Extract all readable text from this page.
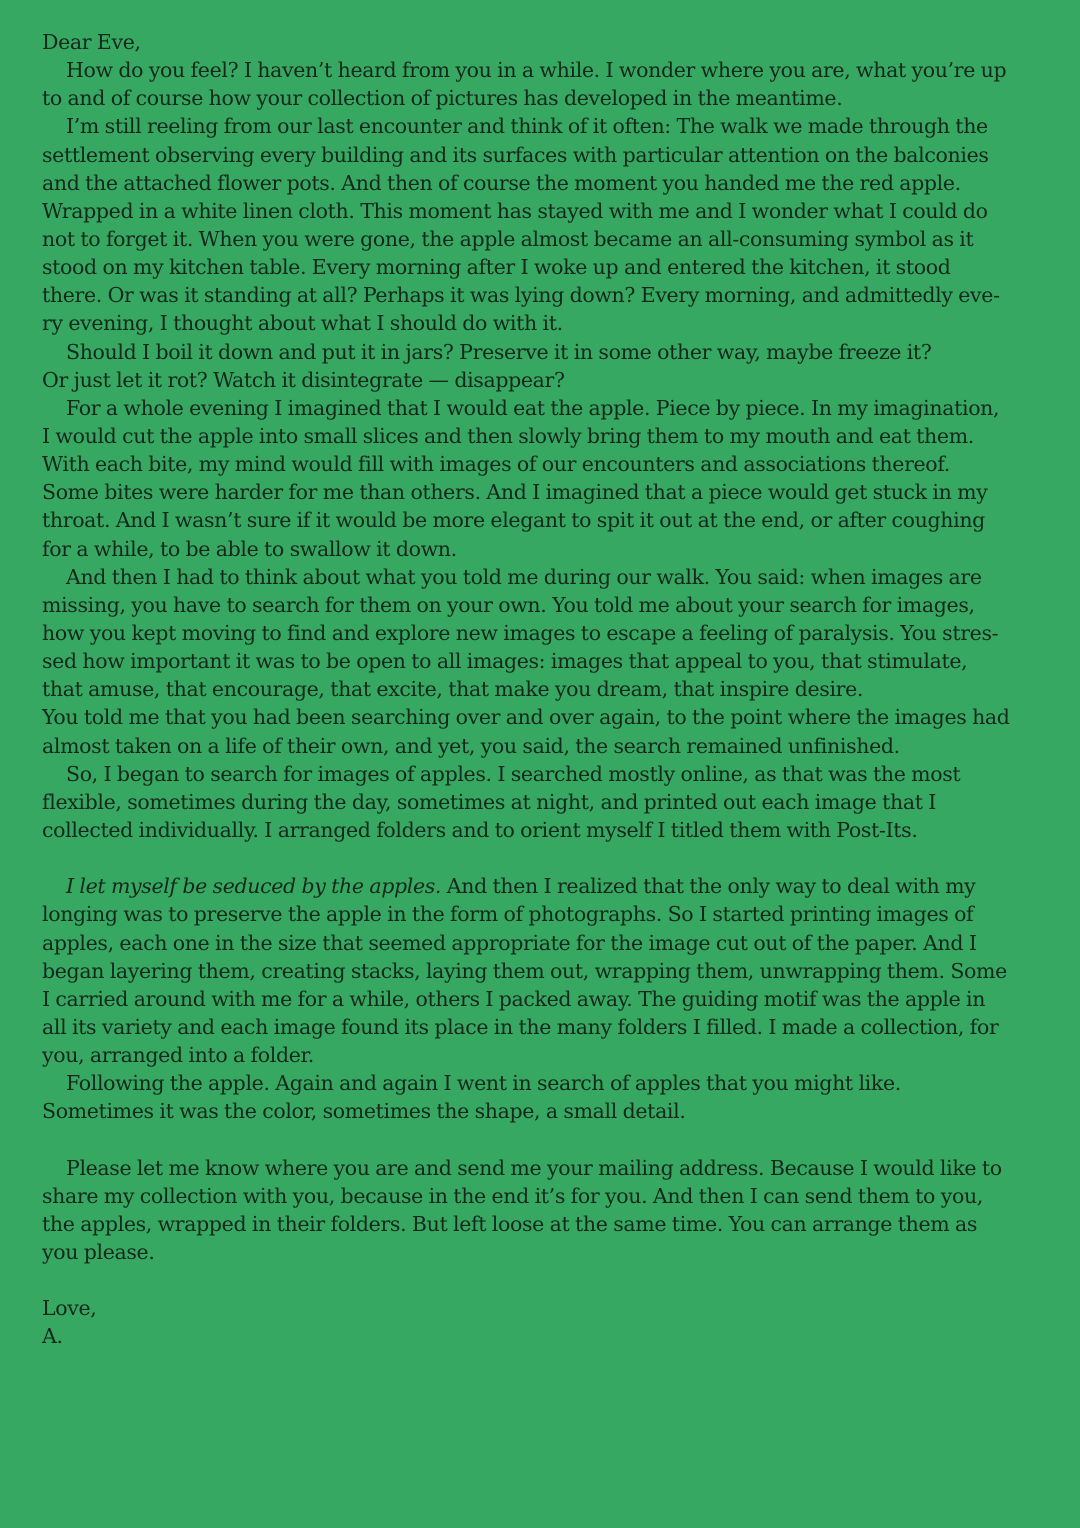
Dear Eve,
How do you feel? I haven’t heard from you in a while. I wonder where you are, what you’re up
to and of course how your collection of pictures has developed in the meantime.
I’m still reeling from our last encounter and think of it often: The walk we made through the
settlement observing every building and its surfaces with particular attention on the balconies
and the attached flower pots. And then of course the moment you handed me the red apple.
Wrapped in a white linen cloth. This moment has stayed with me and I wonder what I could do
not to forget it. When you were gone, the apple almost became an all-consuming symbol as it
stood on my kitchen table. Every morning after I woke up and entered the kitchen, it stood
there. Or was it standing at all? Perhaps it was lying down? Every morning, and admittedly eve-
ry evening, I thought about what I should do with it.
Should I boil it down and put it in jars? Preserve it in some other way, maybe freeze it?
Or just let it rot? Watch it disintegrate — disappear?
For a whole evening I imagined that I would eat the apple. Piece by piece. In my imagination,
I would cut the apple into small slices and then slowly bring them to my mouth and eat them.
With each bite, my mind would fill with images of our encounters and associations thereof.
Some bites were harder for me than others. And I imagined that a piece would get stuck in my
throat. And I wasn’t sure if it would be more elegant to spit it out at the end, or after coughing
for a while, to be able to swallow it down.
And then I had to think about what you told me during our walk. You said: when images are
missing, you have to search for them on your own. You told me about your search for images,
how you kept moving to find and explore new images to escape a feeling of paralysis. You stres-
sed how important it was to be open to all images: images that appeal to you, that stimulate,
that amuse, that encourage, that excite, that make you dream, that inspire desire.
You told me that you had been searching over and over again, to the point where the images had
almost taken on a life of their own, and yet, you said, the search remained unfinished.
So, I began to search for images of apples. I searched mostly online, as that was the most
flexible, sometimes during the day, sometimes at night, and printed out each image that I
collected individually. I arranged folders and to orient myself I titled them with Post-Its.
I let myself be seduced by the apples. And then I realized that the only way to deal with my
longing was to preserve the apple in the form of photographs. So I started printing images of
apples, each one in the size that seemed appropriate for the image cut out of the paper. And I
began layering them, creating stacks, laying them out, wrapping them, unwrapping them. Some
I carried around with me for a while, others I packed away. The guiding motif was the apple in
all its variety and each image found its place in the many folders I filled. I made a collection, for
you, arranged into a folder.
Following the apple. Again and again I went in search of apples that you might like.
Sometimes it was the color, sometimes the shape, a small detail.
Please let me know where you are and send me your mailing address. Because I would like to
share my collection with you, because in the end it’s for you. And then I can send them to you,
the apples, wrapped in their folders. But left loose at the same time. You can arrange them as
you please.
Love,
A.
